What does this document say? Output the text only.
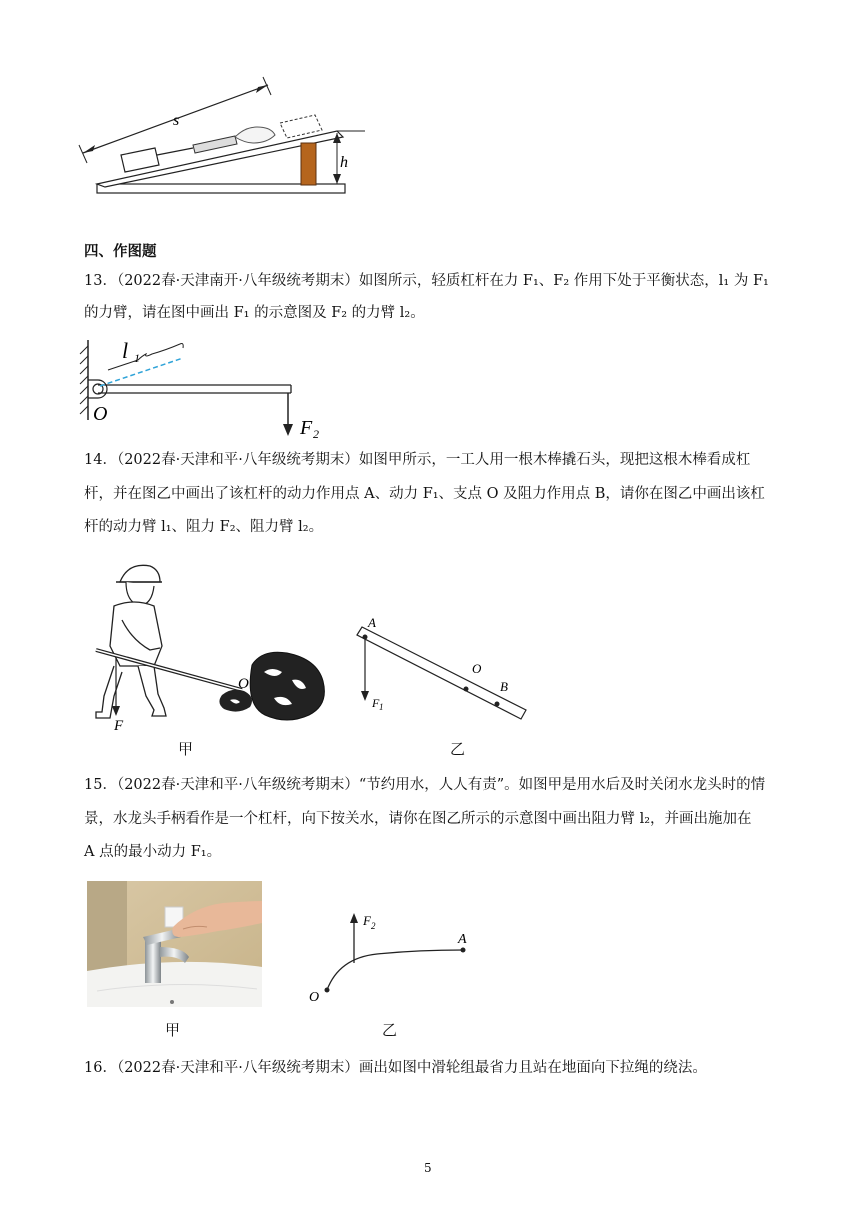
s
h
四、作图题
13．（2022春·天津南开·八年级统考期末）如图所示，轻质杠杆在力 F₁、F₂ 作用下处于平衡状态，l₁ 为 F₁
的力臂，请在图中画出 F₁ 的示意图及 F₂ 的力臂 l₂。
l 1
F 2
O
14．（2022春·天津和平·八年级统考期末）如图甲所示，一工人用一根木棒撬石头，现把这根木棒看成杠
杆，并在图乙中画出了该杠杆的动力作用点 A、动力 F₁、支点 O 及阻力作用点 B，请你在图乙中画出该杠
杆的动力臂 l₁、阻力 F₂、阻力臂 l₂。
F
O
甲
A
O
B
F 1
乙
15．（2022春·天津和平·八年级统考期末）“节约用水，人人有责”。如图甲是用水后及时关闭水龙头时的情
景，水龙头手柄看作是一个杠杆，向下按关水，请你在图乙所示的示意图中画出阻力臂 l₂，并画出施加在
A 点的最小动力 F₁。
甲
F 2
A
O
乙
16．（2022春·天津和平·八年级统考期末）画出如图中滑轮组最省力且站在地面向下拉绳的绕法。
5
